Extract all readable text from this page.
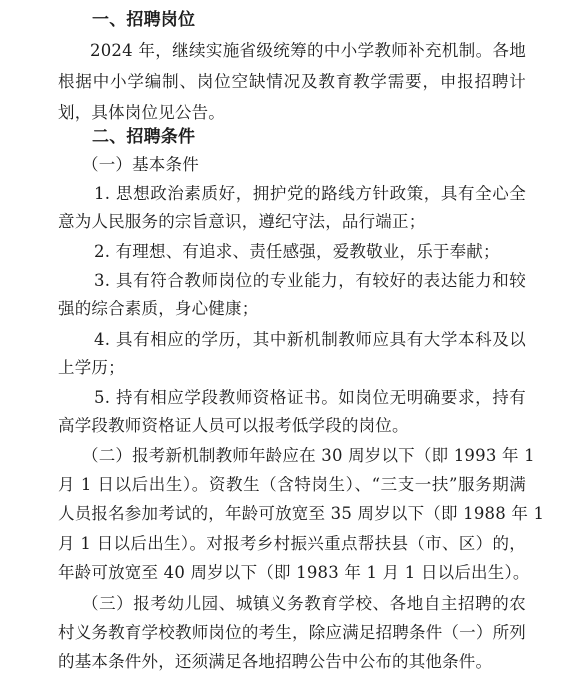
一、招聘岗位
2024 年，继续实施省级统筹的中小学教师补充机制。各地
根据中小学编制、岗位空缺情况及教育教学需要，申报招聘计
划，具体岗位见公告。
二、招聘条件
（一）基本条件
1. 思想政治素质好，拥护党的路线方针政策，具有全心全
意为人民服务的宗旨意识，遵纪守法，品行端正；
2. 有理想、有追求、责任感强，爱教敬业，乐于奉献；
3. 具有符合教师岗位的专业能力，有较好的表达能力和较
强的综合素质，身心健康；
4. 具有相应的学历，其中新机制教师应具有大学本科及以
上学历；
5. 持有相应学段教师资格证书。如岗位无明确要求，持有
高学段教师资格证人员可以报考低学段的岗位。
（二）报考新机制教师年龄应在 30 周岁以下（即 1993 年 1
月 1 日以后出生）。资教生（含特岗生）、“三支一扶”服务期满
人员报名参加考试的，年龄可放宽至 35 周岁以下（即 1988 年 1
月 1 日以后出生）。对报考乡村振兴重点帮扶县（市、区）的，
年龄可放宽至 40 周岁以下（即 1983 年 1 月 1 日以后出生）。
（三）报考幼儿园、城镇义务教育学校、各地自主招聘的农
村义务教育学校教师岗位的考生，除应满足招聘条件（一）所列
的基本条件外，还须满足各地招聘公告中公布的其他条件。
